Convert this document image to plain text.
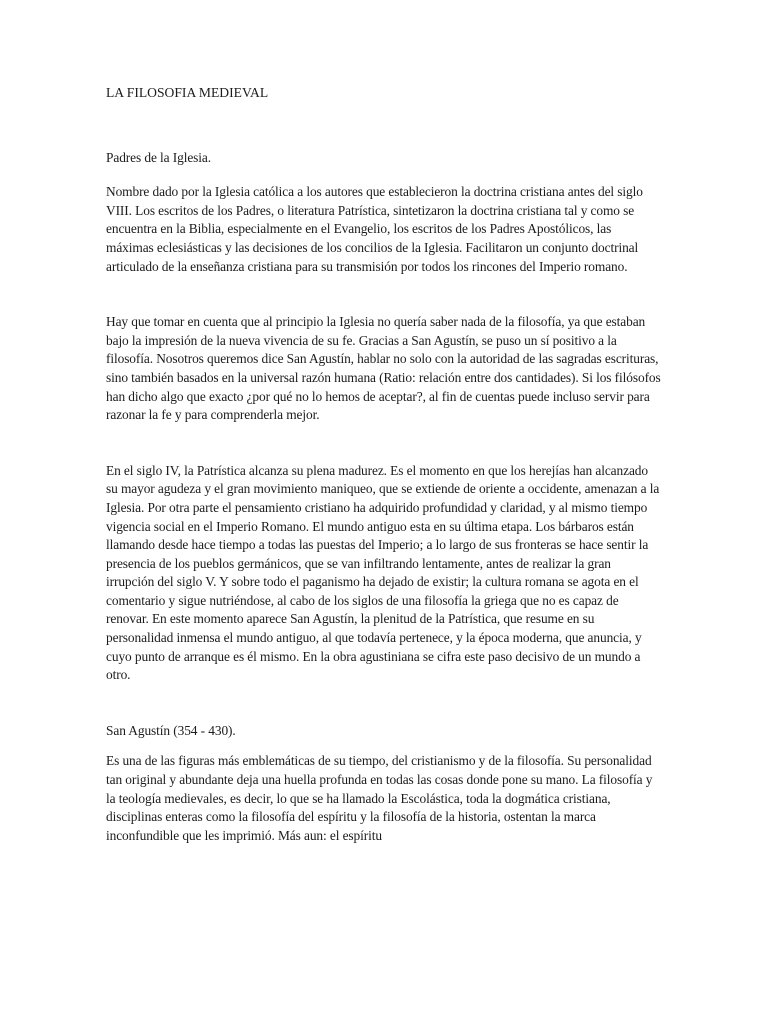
LA FILOSOFIA MEDIEVAL

Padres de la Iglesia.

Nombre dado por la Iglesia católica a los autores que establecieron la doctrina cristiana antes del siglo VIII. Los escritos de los Padres, o literatura Patrística, sintetizaron la doctrina cristiana tal y como se encuentra en la Biblia, especialmente en el Evangelio, los escritos de los Padres Apostólicos, las máximas eclesiásticas y las decisiones de los concilios de la Iglesia. Facilitaron un conjunto doctrinal articulado de la enseñanza cristiana para su transmisión por todos los rincones del Imperio romano.

Hay que tomar en cuenta que al principio la Iglesia no quería saber nada de la filosofía, ya que estaban bajo la impresión de la nueva vivencia de su fe. Gracias a San Agustín, se puso un sí positivo a la filosofía. Nosotros queremos dice San Agustín, hablar no solo con la autoridad de las sagradas escrituras, sino también basados en la universal razón humana (Ratio: relación entre dos cantidades). Si los filósofos han dicho algo que exacto ¿por qué no lo hemos de aceptar?, al fin de cuentas puede incluso servir para razonar la fe y para comprenderla mejor.

En el siglo IV, la Patrística alcanza su plena madurez. Es el momento en que los herejías han alcanzado su mayor agudeza y el gran movimiento maniqueo, que se extiende de oriente a occidente, amenazan a la Iglesia. Por otra parte el pensamiento cristiano ha adquirido profundidad y claridad, y al mismo tiempo vigencia social en el Imperio Romano. El mundo antiguo esta en su última etapa. Los bárbaros están llamando desde hace tiempo a todas las puestas del Imperio; a lo largo de sus fronteras se hace sentir la presencia de los pueblos germánicos, que se van infiltrando lentamente, antes de realizar la gran irrupción del siglo V. Y sobre todo el paganismo ha dejado de existir; la cultura romana se agota en el comentario y sigue nutriéndose, al cabo de los siglos de una filosofía la griega que no es capaz de renovar. En este momento aparece San Agustín, la plenitud de la Patrística, que resume en su personalidad inmensa el mundo antiguo, al que todavía pertenece, y la época moderna, que anuncia, y cuyo punto de arranque es él mismo. En la obra agustiniana se cifra este paso decisivo de un mundo a otro.

San Agustín (354 - 430).

Es una de las figuras más emblemáticas de su tiempo, del cristianismo y de la filosofía. Su personalidad tan original y abundante deja una huella profunda en todas las cosas donde pone su mano. La filosofía y la teología medievales, es decir, lo que se ha llamado la Escolástica, toda la dogmática cristiana, disciplinas enteras como la filosofía del espíritu y la filosofía de la historia, ostentan la marca inconfundible que les imprimió. Más aun: el espíritu
